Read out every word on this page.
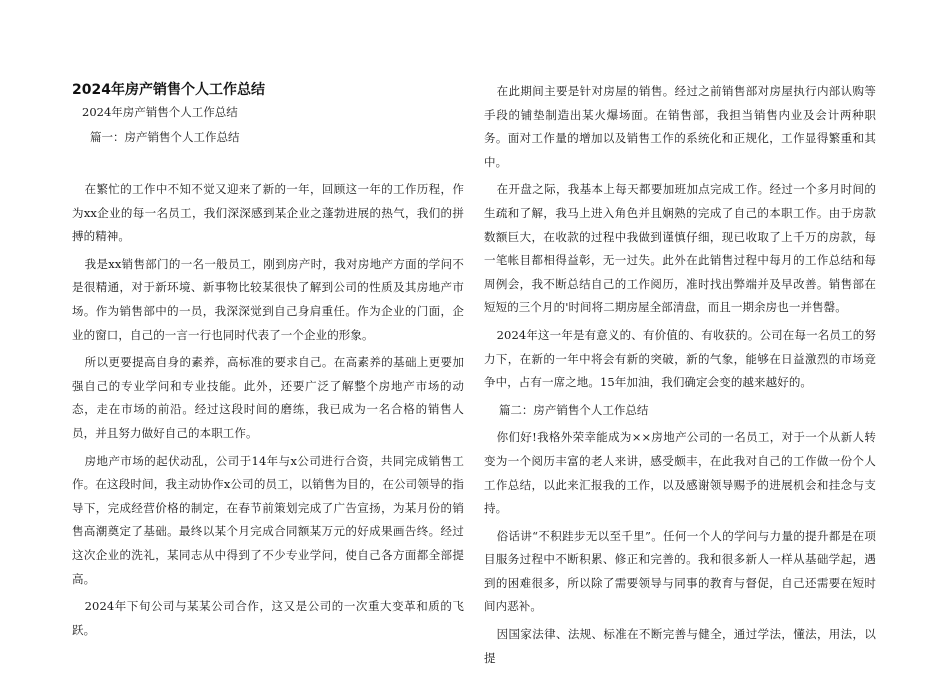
2024年房产销售个人工作总结

2024年房产销售个人工作总结

篇一：房产销售个人工作总结

在繁忙的工作中不知不觉又迎来了新的一年，回顾这一年的工作历程，作为xx企业的每一名员工，我们深深感到某企业之蓬勃进展的热气，我们的拼搏的精神。

我是xx销售部门的一名一般员工，刚到房产时，我对房地产方面的学问不是很精通，对于新环境、新事物比较某很快了解到公司的性质及其房地产市场。作为销售部中的一员，我深深觉到自己身肩重任。作为企业的门面，企业的窗口，自己的一言一行也同时代表了一个企业的形象。

所以更要提高自身的素养，高标准的要求自己。在高素养的基础上更要加强自己的专业学问和专业技能。此外，还要广泛了解整个房地产市场的动态，走在市场的前沿。经过这段时间的磨练，我已成为一名合格的销售人员，并且努力做好自己的本职工作。

房地产市场的起伏动乱，公司于14年与x公司进行合资，共同完成销售工作。在这段时间，我主动协作x公司的员工，以销售为目的，在公司领导的指导下，完成经营价格的制定，在春节前策划完成了广告宣扬，为某月份的销售高潮奠定了基础。最终以某个月完成合同额某万元的好成果画告终。经过这次企业的洗礼，某同志从中得到了不少专业学问，使自己各方面都全部提高。

2024年下旬公司与某某公司合作，这又是公司的一次重大变革和质的飞跃。

在此期间主要是针对房屋的销售。经过之前销售部对房屋执行内部认购等手段的铺垫制造出某火爆场面。在销售部，我担当销售内业及会计两种职务。面对工作量的增加以及销售工作的系统化和正规化，工作显得繁重和其中。

在开盘之际，我基本上每天都要加班加点完成工作。经过一个多月时间的生疏和了解，我马上进入角色并且娴熟的完成了自己的本职工作。由于房款数额巨大，在收款的过程中我做到谨慎仔细，现已收取了上千万的房款，每一笔帐目都相得益彰，无一过失。此外在此销售过程中每月的工作总结和每周例会，我不断总结自己的工作阅历，准时找出弊端并及早改善。销售部在短短的三个月的'时间将二期房屋全部清盘，而且一期余房也一并售罄。

2024年这一年是有意义的、有价值的、有收获的。公司在每一名员工的努力下，在新的一年中将会有新的突破，新的气象，能够在日益激烈的市场竞争中，占有一席之地。15年加油，我们确定会变的越来越好的。

篇二：房产销售个人工作总结

你们好!我格外荣幸能成为××房地产公司的一名员工，对于一个从新人转变为一个阅历丰富的老人来讲，感受颇丰，在此我对自己的工作做一份个人工作总结，以此来汇报我的工作，以及感谢领导赐予的进展机会和挂念与支持。

俗话讲“不积跬步无以至千里”。任何一个人的学问与力量的提升都是在项目服务过程中不断积累、修正和完善的。我和很多新人一样从基础学起，遇到的困难很多，所以除了需要领导与同事的教育与督促，自己还需要在短时间内恶补。

因国家法律、法规、标准在不断完善与健全，通过学法，懂法，用法，以提
